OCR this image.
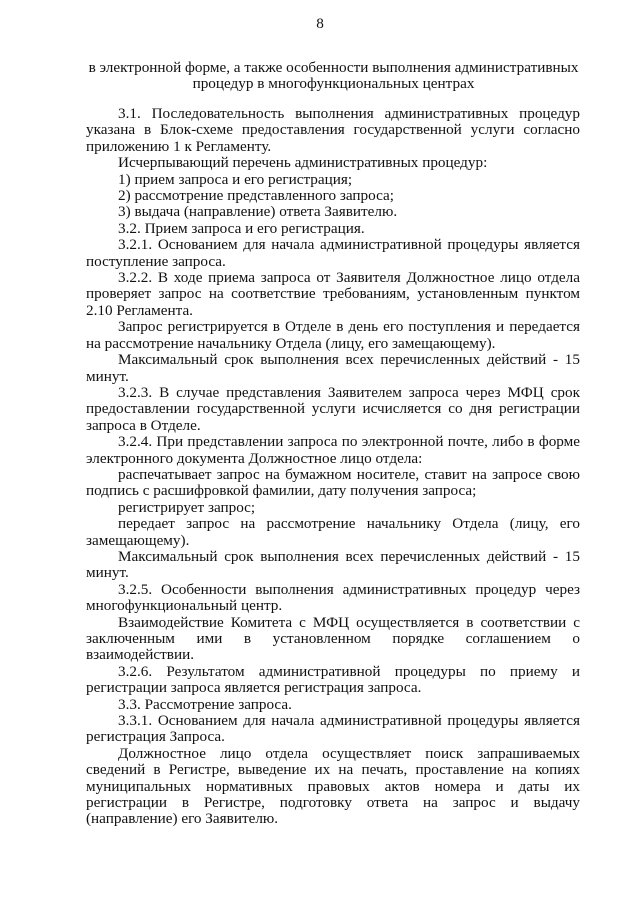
8
в электронной форме, а также особенности выполнения административных процедур в многофункциональных центрах

3.1. Последовательность выполнения административных процедур указана в Блок-схеме предоставления государственной услуги согласно приложению 1 к Регламенту.

Исчерпывающий перечень административных процедур:

1) прием запроса и его регистрация;

2) рассмотрение представленного запроса;

3) выдача (направление) ответа Заявителю.

3.2. Прием запроса и его регистрация.

3.2.1. Основанием для начала административной процедуры является поступление запроса.

3.2.2. В ходе приема запроса от Заявителя Должностное лицо отдела проверяет запрос на соответствие требованиям, установленным пунктом 2.10 Регламента.

Запрос регистрируется в Отделе в день его поступления и передается на рассмотрение начальнику Отдела (лицу, его замещающему).

Максимальный срок выполнения всех перечисленных действий - 15 минут.

3.2.3. В случае представления Заявителем запроса через МФЦ срок предоставлении государственной услуги исчисляется со дня регистрации запроса в Отделе.

3.2.4. При представлении запроса по электронной почте, либо в форме электронного документа Должностное лицо отдела:

распечатывает запрос на бумажном носителе, ставит на запросе свою подпись с расшифровкой фамилии, дату получения запроса;

регистрирует запрос;

передает запрос на рассмотрение начальнику Отдела (лицу, его замещающему).

Максимальный срок выполнения всех перечисленных действий - 15 минут.

3.2.5. Особенности выполнения административных процедур через многофункциональный центр.

Взаимодействие Комитета с МФЦ осуществляется в соответствии с заключенным ими в установленном порядке соглашением о взаимодействии.

3.2.6. Результатом административной процедуры по приему и регистрации запроса является регистрация запроса.

3.3. Рассмотрение запроса.

3.3.1. Основанием для начала административной процедуры является регистрация Запроса.

Должностное лицо отдела осуществляет поиск запрашиваемых сведений в Регистре, выведение их на печать, проставление на копиях муниципальных нормативных правовых актов номера и даты их регистрации в Регистре, подготовку ответа на запрос и выдачу (направление) его Заявителю.
